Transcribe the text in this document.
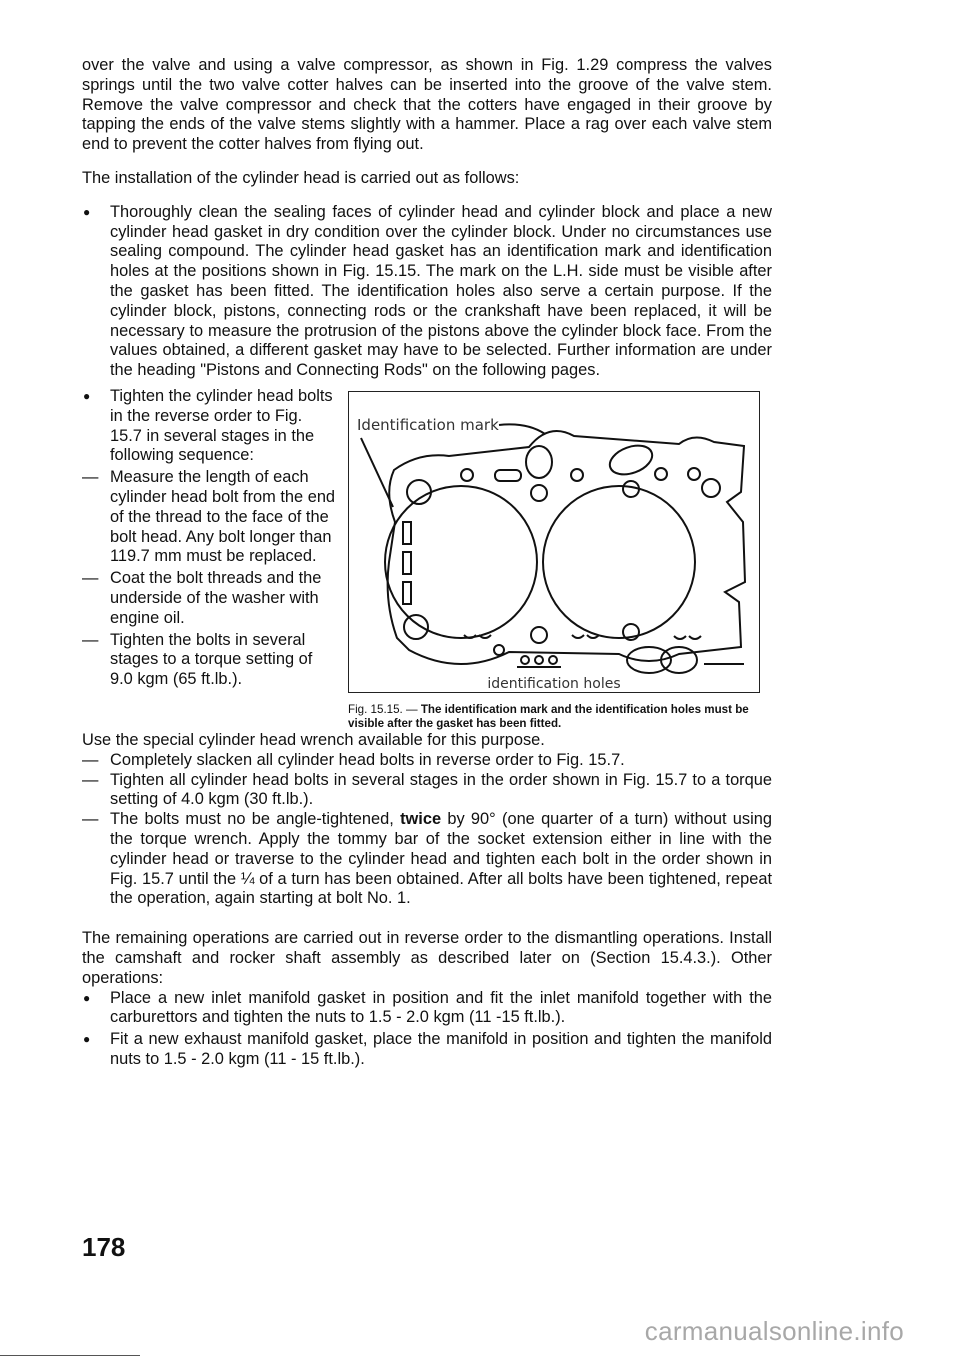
over the valve and using a valve compressor, as shown in Fig. 1.29 compress the valves springs until the two valve cotter halves can be inserted into the groove of the valve stem. Remove the valve compressor and check that the cotters have engaged in their groove by tapping the ends of the valve stems slightly with a hammer. Place a rag over each valve stem end to prevent the cotter halves from flying out.

The installation of the cylinder head is carried out as follows:

● Thoroughly clean the sealing faces of cylinder head and cylinder block and place a new cylinder head gasket in dry condition over the cylinder block. Under no circumstances use sealing compound. The cylinder head gasket has an identification mark and identification holes at the positions shown in Fig. 15.15. The mark on the L.H. side must be visible after the gasket has been fitted. The identification holes also serve a certain purpose. If the cylinder block, pistons, connecting rods or the crankshaft have been replaced, it will be necessary to measure the protrusion of the pistons above the cylinder block face. From the values obtained, a different gasket may have to be selected. Further information are under the heading "Pistons and Connecting Rods" on the following pages.
● Tighten the cylinder head bolts in the reverse order to Fig. 15.7 in several stages in the following sequence:
— Measure the length of each cylinder head bolt from the end of the thread to the face of the bolt head. Any bolt longer than 119.7 mm must be replaced.
— Coat the bolt threads and the underside of the washer with engine oil.
— Tighten the bolts in several stages to a torque setting of 9.0 kgm (65 ft.lb.).
Identification mark
identification holes
Fig. 15.15. — The identification mark and the identification holes must be visible after the gasket has been fitted.

Use the special cylinder head wrench available for this purpose.

— Completely slacken all cylinder head bolts in reverse order to Fig. 15.7.
— Tighten all cylinder head bolts in several stages in the order shown in Fig. 15.7 to a torque setting of 4.0 kgm (30 ft.lb.).
— The bolts must no be angle-tightened, twice by 90° (one quarter of a turn) without using the torque wrench. Apply the tommy bar of the socket extension either in line with the cylinder head or traverse to the cylinder head and tighten each bolt in the order shown in Fig. 15.7 until the ¼ of a turn has been obtained. After all bolts have been tightened, repeat the operation, again starting at bolt No. 1.

The remaining operations are carried out in reverse order to the dismantling operations. Install the camshaft and rocker shaft assembly as described later on (Section 15.4.3.). Other operations:

● Place a new inlet manifold gasket in position and fit the inlet manifold together with the carburettors and tighten the nuts to 1.5 - 2.0 kgm (11 -15 ft.lb.).
● Fit a new exhaust manifold gasket, place the manifold in position and tighten the manifold nuts to 1.5 - 2.0 kgm (11 - 15 ft.lb.).
178
carmanualsonline.info
